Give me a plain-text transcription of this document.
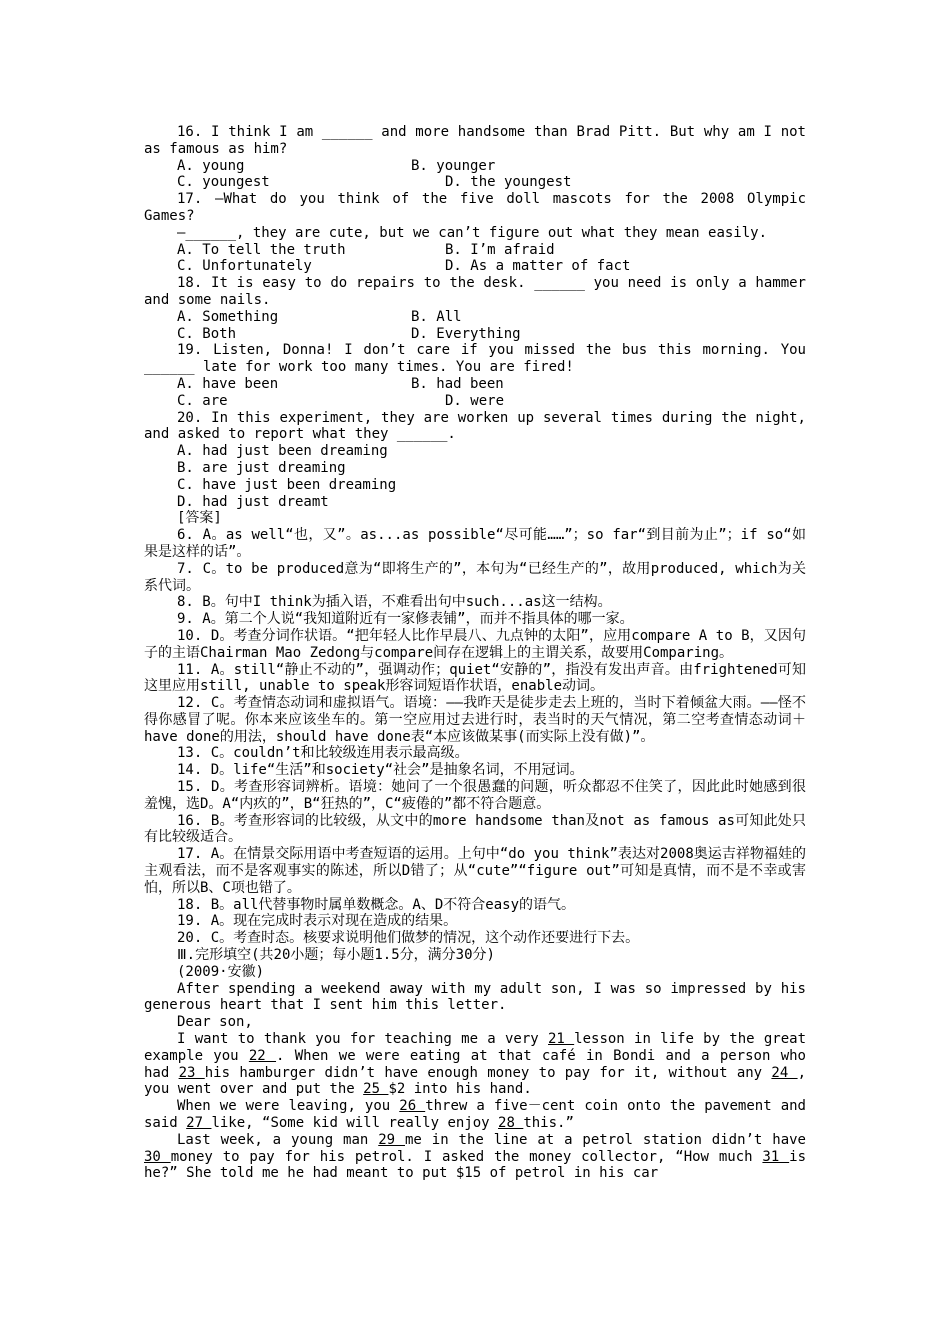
16. I think I am ______ and more handsome than Brad Pitt. But why am I not as famous as him?

A. young	B. younger
C. youngest	D. the youngest

17. —What do you think of the five doll mascots for the 2008 Olympic Games?

—______, they are cute, but we can’t figure out what they mean easily.

A. To tell the truth	B. I’m afraid
C. Unfortunately	D. As a matter of fact

18. It is easy to do repairs to the desk. ______ you need is only a hammer and some nails.

A. Something	B. All
C. Both	D. Everything

19. Listen, Donna! I don’t care if you missed the bus this morning. You ______ late for work too many times. You are fired!

A. have been	B. had been
C. are	D. were

20. In this experiment, they are worken up several times during the night, and asked to report what they ______.

A. had just been dreaming

B. are just dreaming

C. have just been dreaming

D. had just dreamt

[答案]

6. A。as well“也，又”。as...as possible“尽可能……”；so far“到目前为止”；if so“如果是这样的话”。

7. C。to be produced意为“即将生产的”，本句为“已经生产的”，故用produced, which为关系代词。

8. B。句中I think为插入语，不难看出句中such...as这一结构。

9. A。第二个人说“我知道附近有一家修表铺”，而并不指具体的哪一家。

10. D。考查分词作状语。“把年轻人比作早晨八、九点钟的太阳”，应用compare A to B，又因句子的主语Chairman Mao Zedong与compare间存在逻辑上的主谓关系，故要用Comparing。

11. A。still“静止不动的”，强调动作；quiet“安静的”，指没有发出声音。由frightened可知这里应用still, unable to speak形容词短语作状语，enable动词。

12. C。考查情态动词和虚拟语气。语境：——我昨天是徒步走去上班的，当时下着倾盆大雨。——怪不得你感冒了呢。你本来应该坐车的。第一空应用过去进行时，表当时的天气情况，第二空考查情态动词＋have done的用法，should have done表“本应该做某事(而实际上没有做)”。

13. C。couldn’t和比较级连用表示最高级。

14. D。life“生活”和society“社会”是抽象名词，不用冠词。

15. D。考查形容词辨析。语境：她问了一个很愚蠢的问题，听众都忍不住笑了，因此此时她感到很羞愧，选D。A“内疚的”，B“狂热的”，C“疲倦的”都不符合题意。

16. B。考查形容词的比较级，从文中的more handsome than及not as famous as可知此处只有比较级适合。

17. A。在情景交际用语中考查短语的运用。上句中“do you think”表达对2008奥运吉祥物福娃的主观看法，而不是客观事实的陈述，所以D错了；从“cute”“figure out”可知是真情，而不是不幸或害怕，所以B、C项也错了。

18. B。all代替事物时属单数概念。A、D不符合easy的语气。

19. A。现在完成时表示对现在造成的结果。

20. C。考查时态。核要求说明他们做梦的情况，这个动作还要进行下去。

Ⅲ.完形填空(共20小题；每小题1.5分，满分30分)

(2009·安徽)

After spending a weekend away with my adult son, I was so impressed by his generous heart that I sent him this letter.

Dear son,

I want to thank you for teaching me a very 21 lesson in life by the great example you 22 . When we were eating at that café in Bondi and a person who had 23 his hamburger didn’t have enough money to pay for it, without any 24 , you went over and put the 25 $2 into his hand.

When we were leaving, you 26 threw a five－cent coin onto the pavement and said 27 like, “Some kid will really enjoy 28 this.”

Last week, a young man 29 me in the line at a petrol station didn’t have 30 money to pay for his petrol. I asked the money collector, “How much 31 is he?” She told me he had meant to put $15 of petrol in his car
